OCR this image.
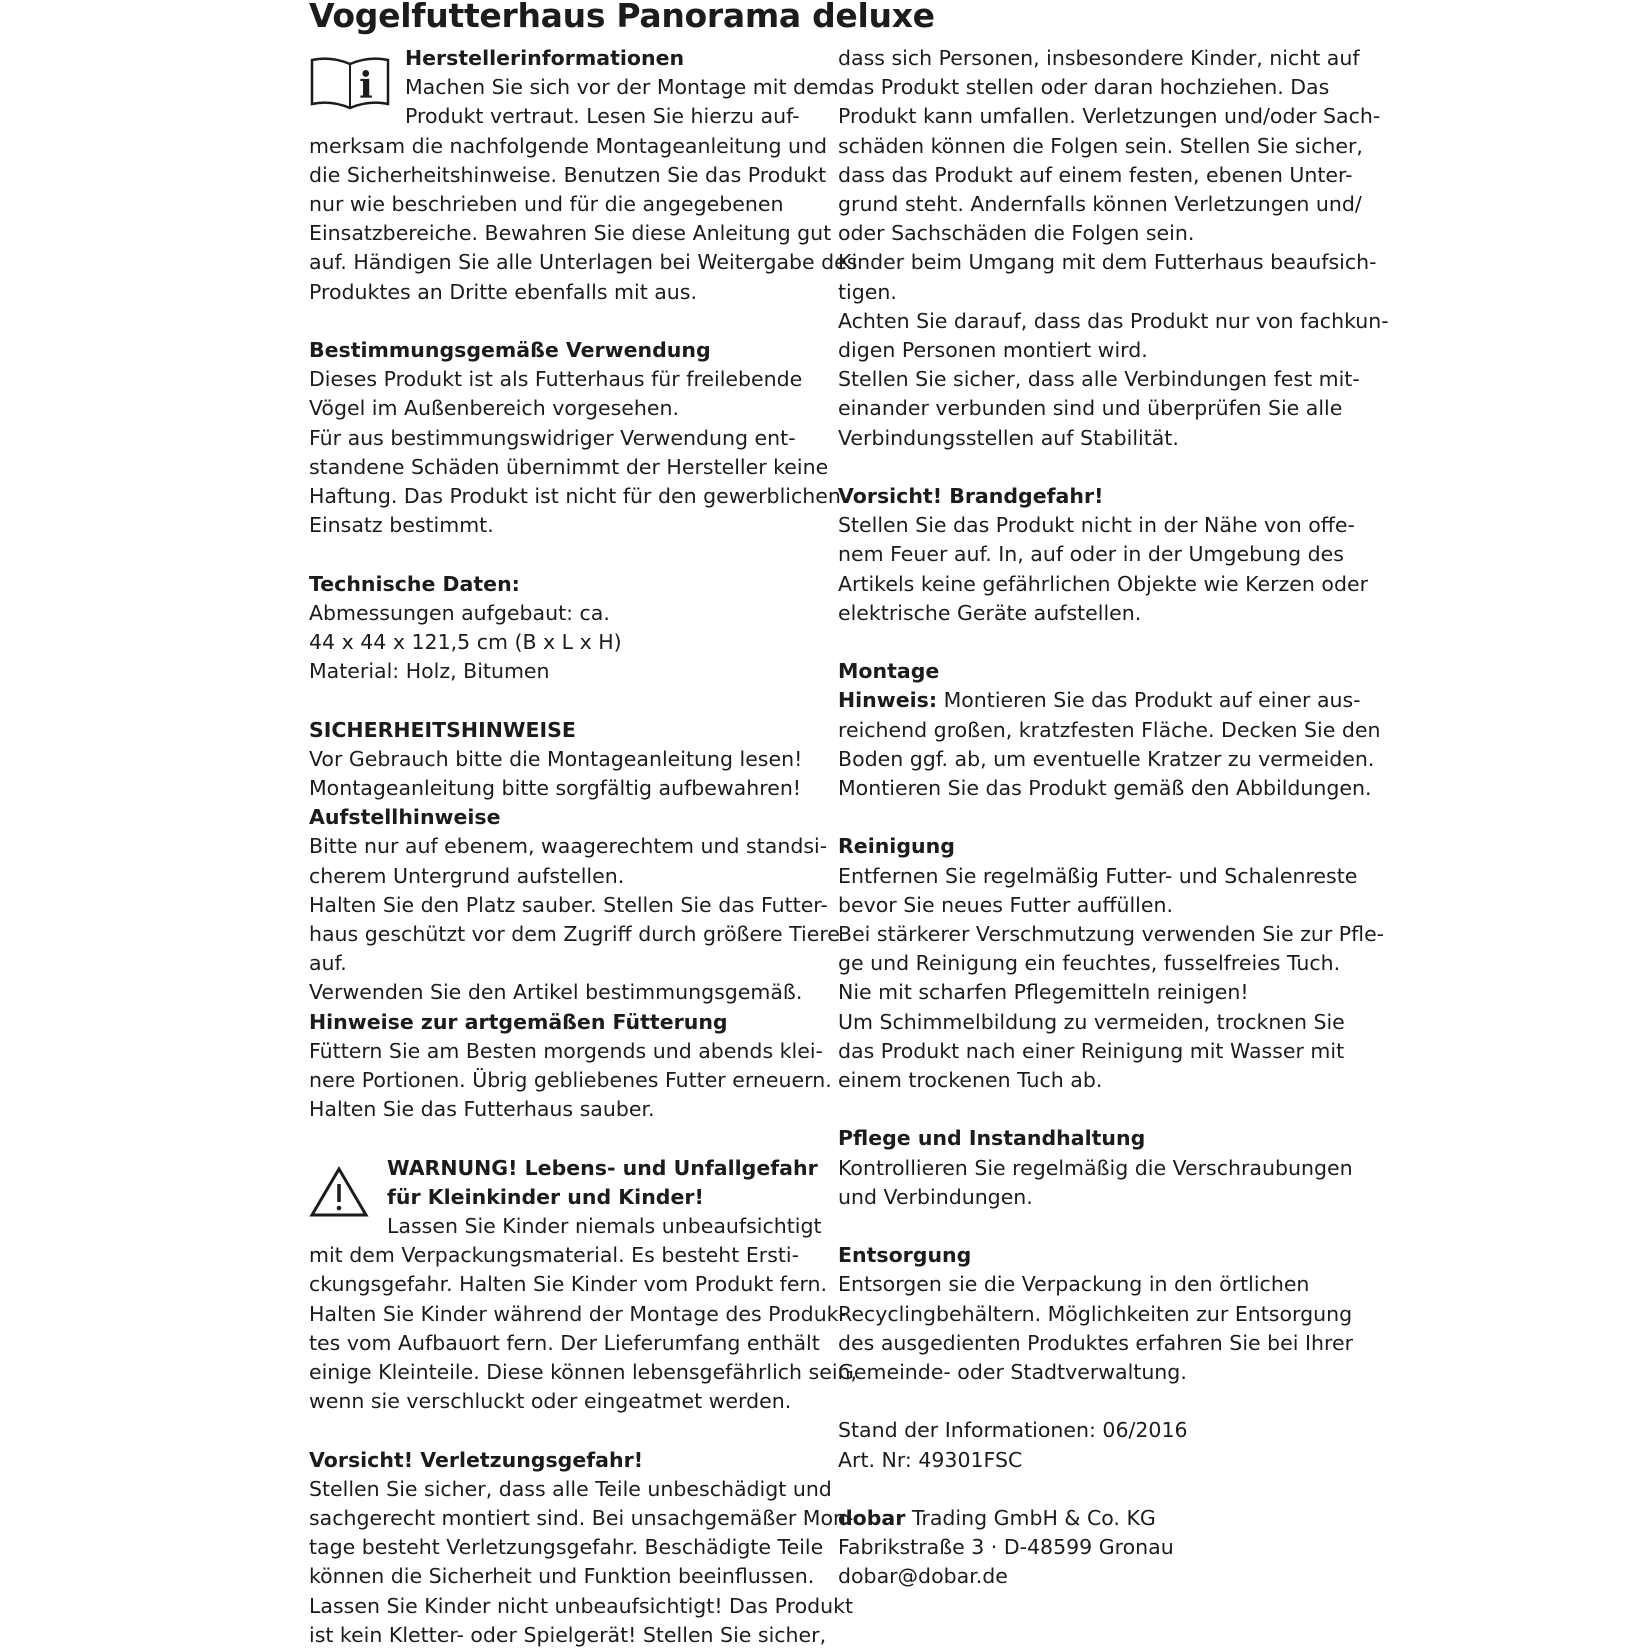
Vogelfutterhaus Panorama deluxe
i

Herstellerinformationen

Machen Sie sich vor der Montage mit dem
Produkt vertraut. Lesen Sie hierzu auf-
merksam die nachfolgende Montageanleitung und
die Sicherheitshinweise. Benutzen Sie das Produkt
nur wie beschrieben und für die angegebenen
Einsatzbereiche. Bewahren Sie diese Anleitung gut
auf. Händigen Sie alle Unterlagen bei Weitergabe des
Produktes an Dritte ebenfalls mit aus.

Bestimmungsgemäße Verwendung

Dieses Produkt ist als Futterhaus für freilebende
Vögel im Außenbereich vorgesehen.
Für aus bestimmungswidriger Verwendung ent-
standene Schäden übernimmt der Hersteller keine
Haftung. Das Produkt ist nicht für den gewerblichen
Einsatz bestimmt.

Technische Daten:

Abmessungen aufgebaut: ca.
44 x 44 x 121,5 cm (B x L x H)
Material: Holz, Bitumen

SICHERHEITSHINWEISE

Vor Gebrauch bitte die Montageanleitung lesen!
Montageanleitung bitte sorgfältig aufbewahren!

Aufstellhinweise

Bitte nur auf ebenem, waagerechtem und standsi-
cherem Untergrund aufstellen.
Halten Sie den Platz sauber. Stellen Sie das Futter-
haus geschützt vor dem Zugriff durch größere Tiere
auf.
Verwenden Sie den Artikel bestimmungsgemäß.

Hinweise zur artgemäßen Fütterung

Füttern Sie am Besten morgends und abends klei-
nere Portionen. Übrig gebliebenes Futter erneuern.
Halten Sie das Futterhaus sauber.
WARNUNG! Lebens- und Unfallgefahr
für Kleinkinder und Kinder!
Lassen Sie Kinder niemals unbeaufsichtigt
mit dem Verpackungsmaterial. Es besteht Ersti-
ckungsgefahr. Halten Sie Kinder vom Produkt fern.
Halten Sie Kinder während der Montage des Produk-
tes vom Aufbauort fern. Der Lieferumfang enthält
einige Kleinteile. Diese können lebensgefährlich sein,
wenn sie verschluckt oder eingeatmet werden.

Vorsicht! Verletzungsgefahr!

Stellen Sie sicher, dass alle Teile unbeschädigt und
sachgerecht montiert sind. Bei unsachgemäßer Mon-
tage besteht Verletzungsgefahr. Beschädigte Teile
können die Sicherheit und Funktion beeinflussen.
Lassen Sie Kinder nicht unbeaufsichtigt! Das Produkt
ist kein Kletter- oder Spielgerät! Stellen Sie sicher,
dass sich Personen, insbesondere Kinder, nicht auf
das Produkt stellen oder daran hochziehen. Das
Produkt kann umfallen. Verletzungen und/oder Sach-
schäden können die Folgen sein. Stellen Sie sicher,
dass das Produkt auf einem festen, ebenen Unter-
grund steht. Andernfalls können Verletzungen und/
oder Sachschäden die Folgen sein.
Kinder beim Umgang mit dem Futterhaus beaufsich-
tigen.
Achten Sie darauf, dass das Produkt nur von fachkun-
digen Personen montiert wird.
Stellen Sie sicher, dass alle Verbindungen fest mit-
einander verbunden sind und überprüfen Sie alle
Verbindungsstellen auf Stabilität.

Vorsicht! Brandgefahr!

Stellen Sie das Produkt nicht in der Nähe von offe-
nem Feuer auf. In, auf oder in der Umgebung des
Artikels keine gefährlichen Objekte wie Kerzen oder
elektrische Geräte aufstellen.

Montage

Hinweis: Montieren Sie das Produkt auf einer aus-
reichend großen, kratzfesten Fläche. Decken Sie den
Boden ggf. ab, um eventuelle Kratzer zu vermeiden.
Montieren Sie das Produkt gemäß den Abbildungen.

Reinigung

Entfernen Sie regelmäßig Futter- und Schalenreste
bevor Sie neues Futter auffüllen.
Bei stärkerer Verschmutzung verwenden Sie zur Pfle-
ge und Reinigung ein feuchtes, fusselfreies Tuch.
Nie mit scharfen Pflegemitteln reinigen!
Um Schimmelbildung zu vermeiden, trocknen Sie
das Produkt nach einer Reinigung mit Wasser mit
einem trockenen Tuch ab.

Pflege und Instandhaltung

Kontrollieren Sie regelmäßig die Verschraubungen
und Verbindungen.

Entsorgung

Entsorgen sie die Verpackung in den örtlichen
Recyclingbehältern. Möglichkeiten zur Entsorgung
des ausgedienten Produktes erfahren Sie bei Ihrer
Gemeinde- oder Stadtverwaltung.
Stand der Informationen: 06/2016
Art. Nr: 49301FSC
dobar Trading GmbH & Co. KG
Fabrikstraße 3 · D-48599 Gronau
dobar@dobar.de
